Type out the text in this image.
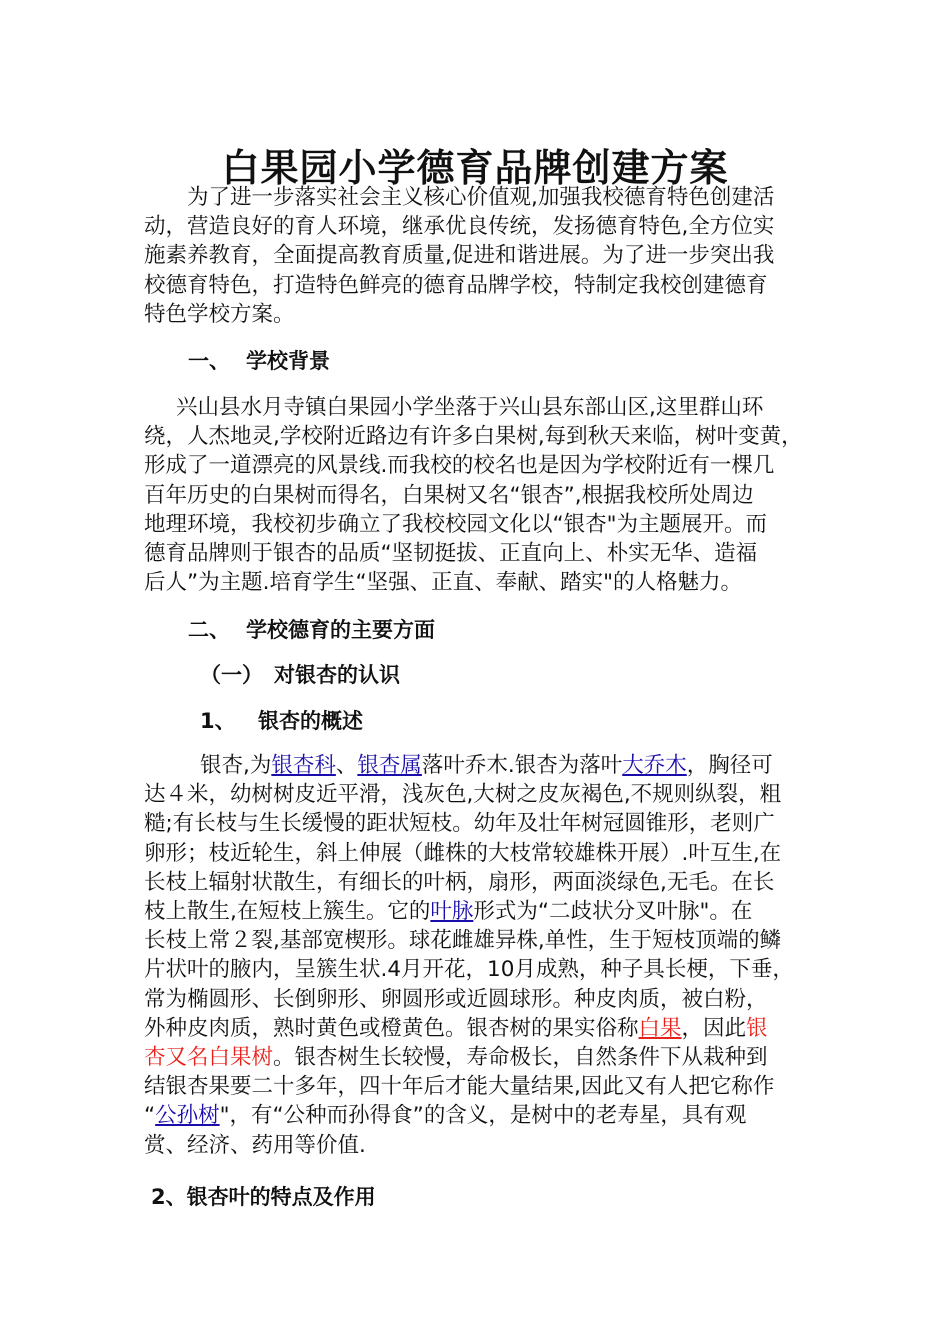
白果园小学德育品牌创建方案

为了进一步落实社会主义核心价值观,加强我校德育特色创建活
动，营造良好的育人环境，继承优良传统，发扬德育特色,全方位实
施素养教育，全面提高教育质量,促进和谐进展。为了进一步突出我
校德育特色，打造特色鲜亮的德育品牌学校，特制定我校创建德育
特色学校方案。

一、 学校背景

兴山县水月寺镇白果园小学坐落于兴山县东部山区,这里群山环
绕，人杰地灵,学校附近路边有许多白果树,每到秋天来临，树叶变黄，
形成了一道漂亮的风景线.而我校的校名也是因为学校附近有一棵几
百年历史的白果树而得名，白果树又名“银杏”,根据我校所处周边
地理环境，我校初步确立了我校校园文化以“银杏"为主题展开。而
德育品牌则于银杏的品质“坚韧挺拔、正直向上、朴实无华、造福
后人”为主题.培育学生“坚强、正直、奉献、踏实"的人格魅力。

二、 学校德育的主要方面
（一） 对银杏的认识
1、 银杏的概述

银杏,为银杏科、银杏属落叶乔木.银杏为落叶大乔木，胸径可
达４米，幼树树皮近平滑，浅灰色,大树之皮灰褐色,不规则纵裂，粗
糙;有长枝与生长缓慢的距状短枝。幼年及壮年树冠圆锥形，老则广
卵形；枝近轮生，斜上伸展（雌株的大枝常较雄株开展）.叶互生,在
长枝上辐射状散生，有细长的叶柄，扇形，两面淡绿色,无毛。在长
枝上散生,在短枝上簇生。它的叶脉形式为“二歧状分叉叶脉"。在
长枝上常２裂,基部宽楔形。球花雌雄异株,单性，生于短枝顶端的鳞
片状叶的腋内，呈簇生状.4月开花，10月成熟，种子具长梗，下垂，
常为椭圆形、长倒卵形、卵圆形或近圆球形。种皮肉质，被白粉，
外种皮肉质，熟时黄色或橙黄色。银杏树的果实俗称白果，因此银
杏又名白果树。银杏树生长较慢，寿命极长，自然条件下从栽种到
结银杏果要二十多年，四十年后才能大量结果,因此又有人把它称作
“公孙树"，有“公种而孙得食”的含义，是树中的老寿星，具有观
赏、经济、药用等价值.

2、银杏叶的特点及作用
